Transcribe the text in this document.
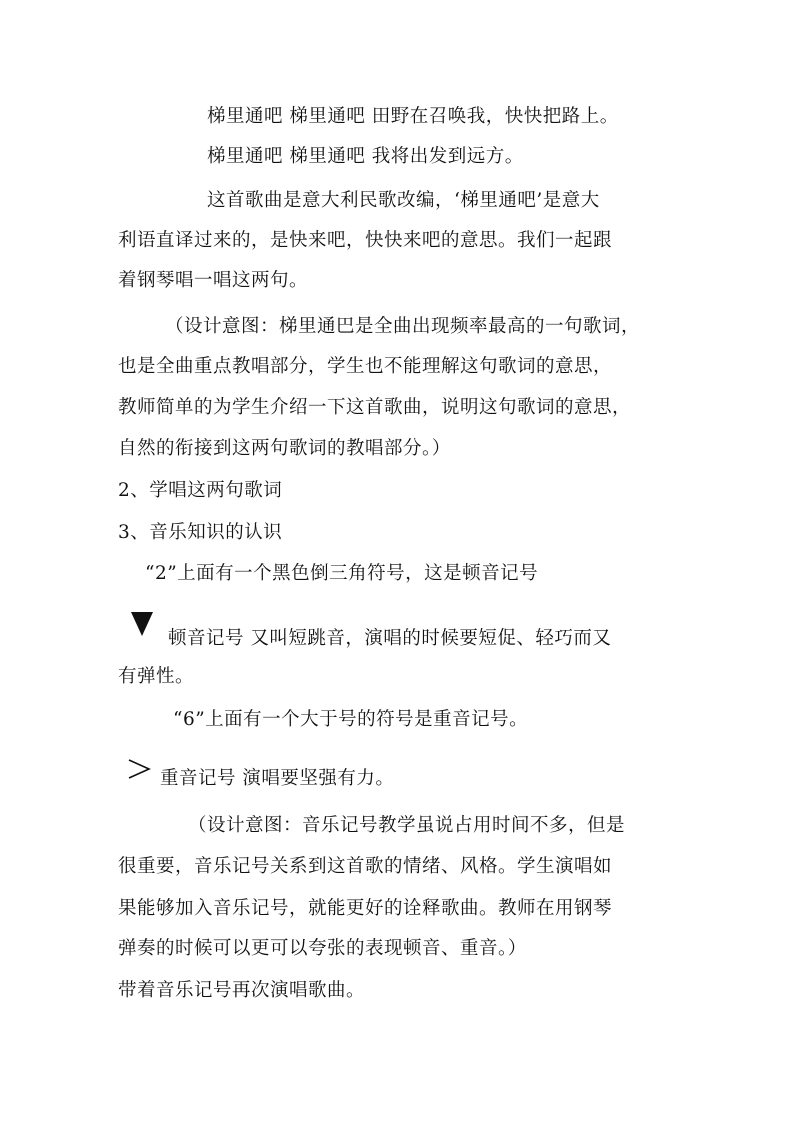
梯里通吧 梯里通吧 田野在召唤我，快快把路上。
梯里通吧 梯里通吧 我将出发到远方。
这首歌曲是意大利民歌改编，‘梯里通吧’是意大
利语直译过来的，是快来吧，快快来吧的意思。我们一起跟
着钢琴唱一唱这两句。
（设计意图：梯里通巴是全曲出现频率最高的一句歌词，
也是全曲重点教唱部分，学生也不能理解这句歌词的意思，
教师简单的为学生介绍一下这首歌曲，说明这句歌词的意思，
自然的衔接到这两句歌词的教唱部分。）
2、学唱这两句歌词
3、音乐知识的认识
“2”上面有一个黑色倒三角符号，这是顿音记号
顿音记号 又叫短跳音，演唱的时候要短促、轻巧而又
有弹性。
“6”上面有一个大于号的符号是重音记号。
重音记号 演唱要坚强有力。
（设计意图：音乐记号教学虽说占用时间不多，但是
很重要，音乐记号关系到这首歌的情绪、风格。学生演唱如
果能够加入音乐记号，就能更好的诠释歌曲。教师在用钢琴
弹奏的时候可以更可以夸张的表现顿音、重音。）
带着音乐记号再次演唱歌曲。
